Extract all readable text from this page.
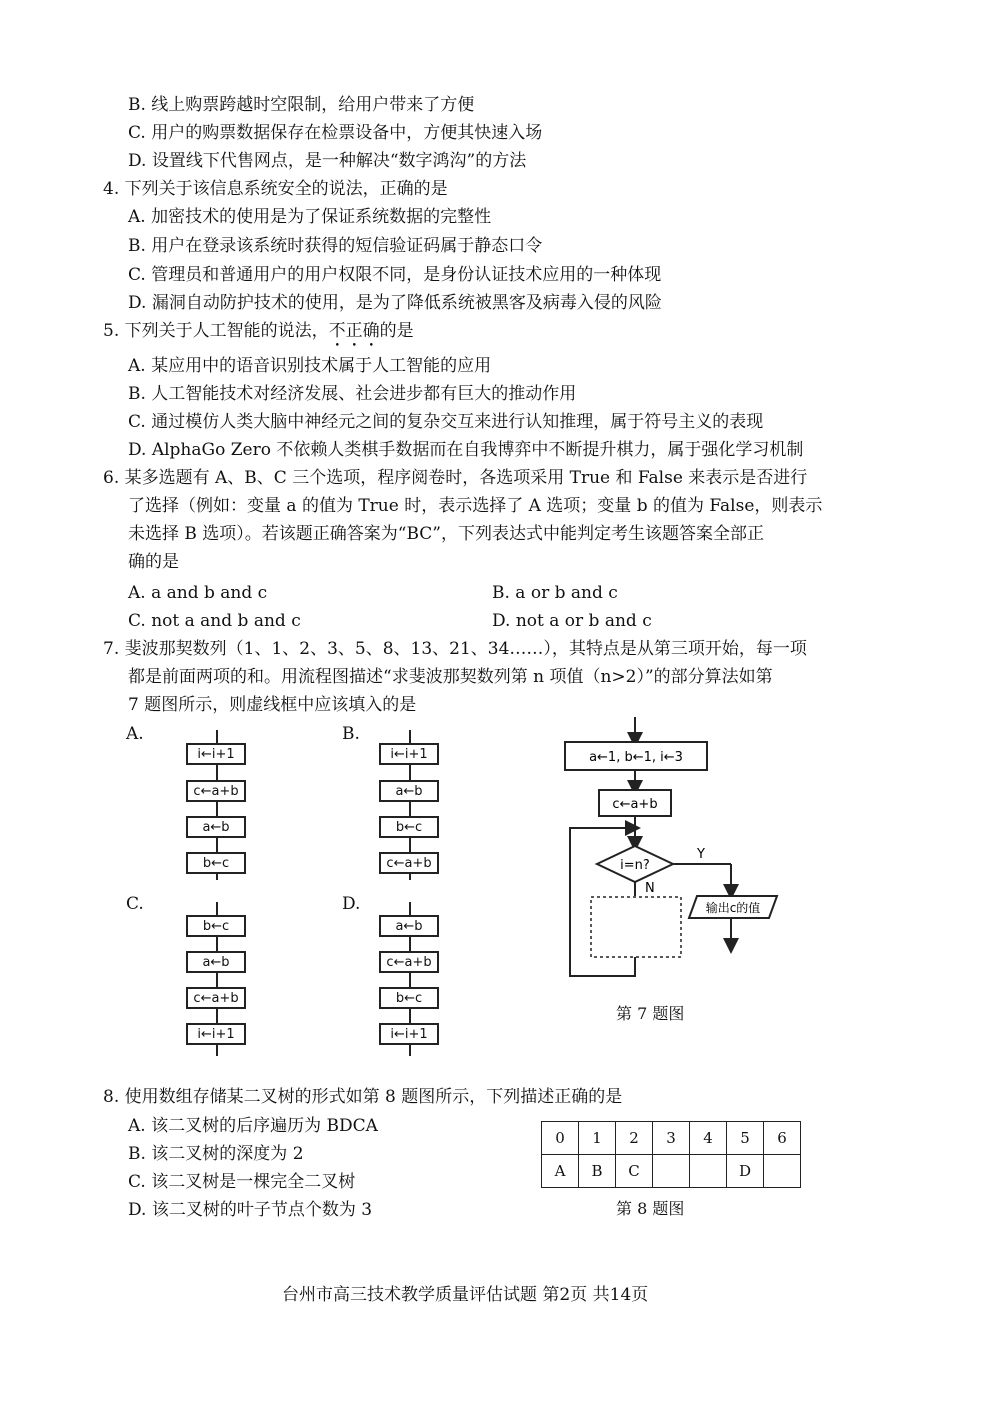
B. 线上购票跨越时空限制，给用户带来了方便
C. 用户的购票数据保存在检票设备中，方便其快速入场
D. 设置线下代售网点，是一种解决“数字鸿沟”的方法
4. 下列关于该信息系统安全的说法，正确的是
A. 加密技术的使用是为了保证系统数据的完整性
B. 用户在登录该系统时获得的短信验证码属于静态口令
C. 管理员和普通用户的用户权限不同，是身份认证技术应用的一种体现
D. 漏洞自动防护技术的使用，是为了降低系统被黑客及病毒入侵的风险
5. 下列关于人工智能的说法，不正确的是
A. 某应用中的语音识别技术属于人工智能的应用
B. 人工智能技术对经济发展、社会进步都有巨大的推动作用
C. 通过模仿人类大脑中神经元之间的复杂交互来进行认知推理，属于符号主义的表现
D. AlphaGo Zero 不依赖人类棋手数据而在自我博弈中不断提升棋力，属于强化学习机制
6. 某多选题有 A、B、C 三个选项，程序阅卷时，各选项采用 True 和 False 来表示是否进行
了选择（例如：变量 a 的值为 True 时，表示选择了 A 选项；变量 b 的值为 False，则表示
未选择 B 选项）。若该题正确答案为“BC”，下列表达式中能判定考生该题答案全部正
确的是
A. a and b and c	B. a or b and c
C. not a and b and c	D. not a or b and c
7. 斐波那契数列（1、1、2、3、5、8、13、21、34……），其特点是从第三项开始，每一项
都是前面两项的和。用流程图描述“求斐波那契数列第 n 项值（n>2）”的部分算法如第
7 题图所示，则虚线框中应该填入的是
A.	B.
C.	D.
i←i+1
c←a+b
a←b
b←c
i←i+1
a←b
b←c
c←a+b
b←c
a←b
c←a+b
i←i+1
a←b
c←a+b
b←c
i←i+1
a←1, b←1, i←3
c←a+b
i=n?
Y
N
输出c的值
第 7 题图
8. 使用数组存储某二叉树的形式如第 8 题图所示，下列描述正确的是
A. 该二叉树的后序遍历为 BDCA
B. 该二叉树的深度为 2
C. 该二叉树是一棵完全二叉树
D. 该二叉树的叶子节点个数为 3
0	1	2	3	4	5	6
A	B	C			D	
第 8 题图
台州市高三技术教学质量评估试题 第2页 共14页
